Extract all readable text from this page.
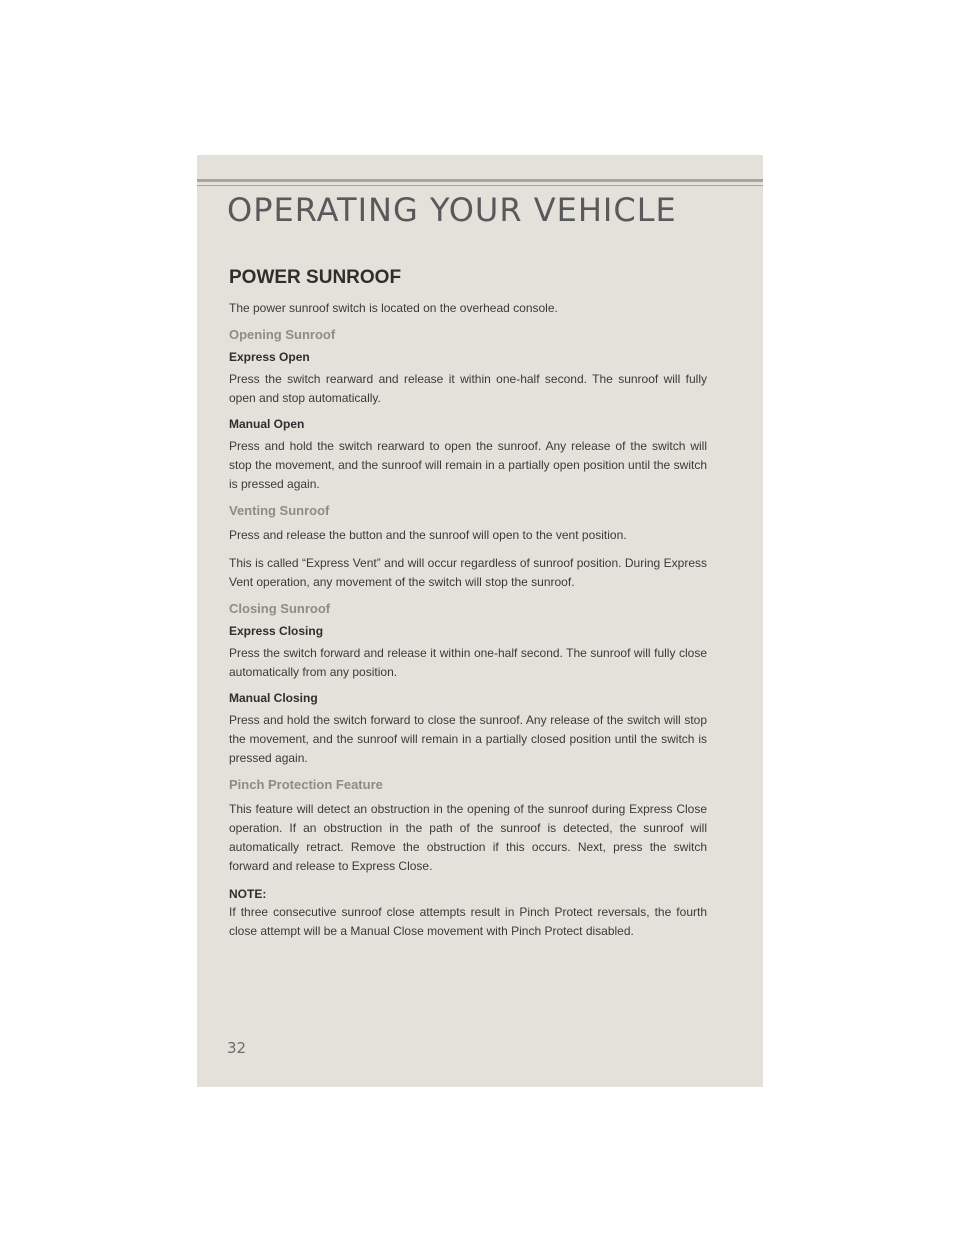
OPERATING YOUR VEHICLE
POWER SUNROOF

The power sunroof switch is located on the overhead console.

Opening Sunroof

Express Open

Press the switch rearward and release it within one-half second. The sunroof will fully open and stop automatically.

Manual Open

Press and hold the switch rearward to open the sunroof. Any release of the switch will stop the movement, and the sunroof will remain in a partially open position until the switch is pressed again.

Venting Sunroof

Press and release the button and the sunroof will open to the vent position.

This is called “Express Vent” and will occur regardless of sunroof position. During Express Vent operation, any movement of the switch will stop the sunroof.

Closing Sunroof

Express Closing

Press the switch forward and release it within one-half second. The sunroof will fully close automatically from any position.

Manual Closing

Press and hold the switch forward to close the sunroof. Any release of the switch will stop the movement, and the sunroof will remain in a partially closed position until the switch is pressed again.

Pinch Protection Feature

This feature will detect an obstruction in the opening of the sunroof during Express Close operation. If an obstruction in the path of the sunroof is detected, the sunroof will automatically retract. Remove the obstruction if this occurs. Next, press the switch forward and release to Express Close.

NOTE:

If three consecutive sunroof close attempts result in Pinch Protect reversals, the fourth close attempt will be a Manual Close movement with Pinch Protect disabled.

32
